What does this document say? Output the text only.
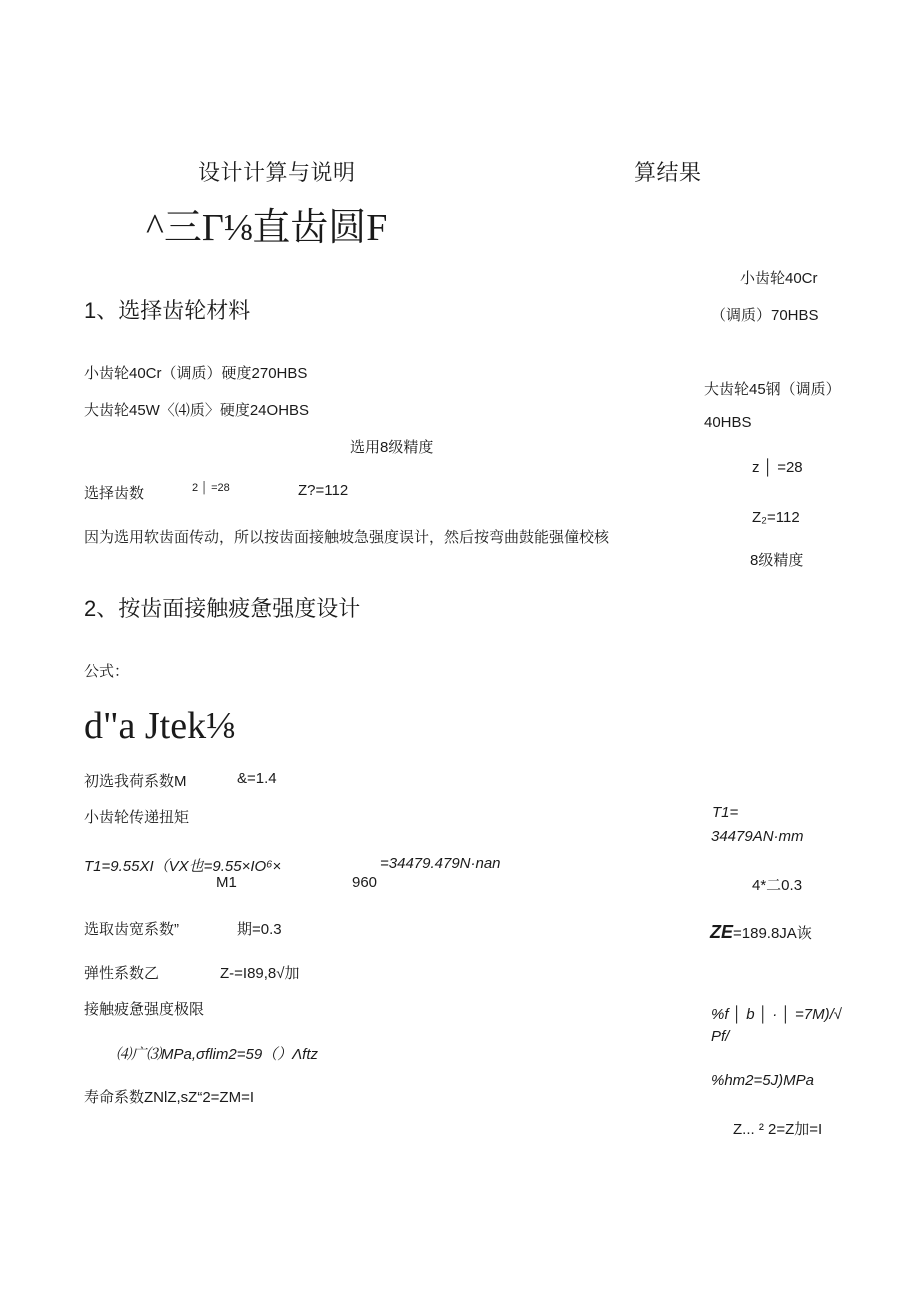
设计计算与说明	算结果
^三Γ⅛直齿圆F
1、选择齿轮材料
小齿轮40Cr（调质）硬度270HBS
大齿轮45W〈⑷质〉硬度24OHBS
选用8级精度
选择齿数	2 │ =28	Z?=112
因为选用软齿面传动，所以按齿面接触坡急强度误计，然后按弯曲鼓能强僮校核
2、按齿面接触疲惫强度设计
公式：
d"a Jtek⅛
初选我荷系数M	&=1.4
小齿轮传递扭矩
T1=9.55XI（VX也=9.55×IO⁶×
M1
=34479.479N·nan
960
选取齿宽系数”	期=0.3
弹性系数乙	Z-=I89,8√加
接触疲惫强度极限
⑷广⑶MPa,σflim2=59（）Λftz
寿命系数ZNlZ,sZ“2=ZM=I
小齿轮40Cr
（调质）70HBS
大齿轮45钢（调质）
40HBS
z │ =28
Z₂=112
8级精度
T1=
34479AN·mm
4*二0.3
ZE=189.8JA诙
%f │ b │ · │ =7M)/√
Pf/
%hm2=5J)MPa
Z... ² 2=Z加=I
